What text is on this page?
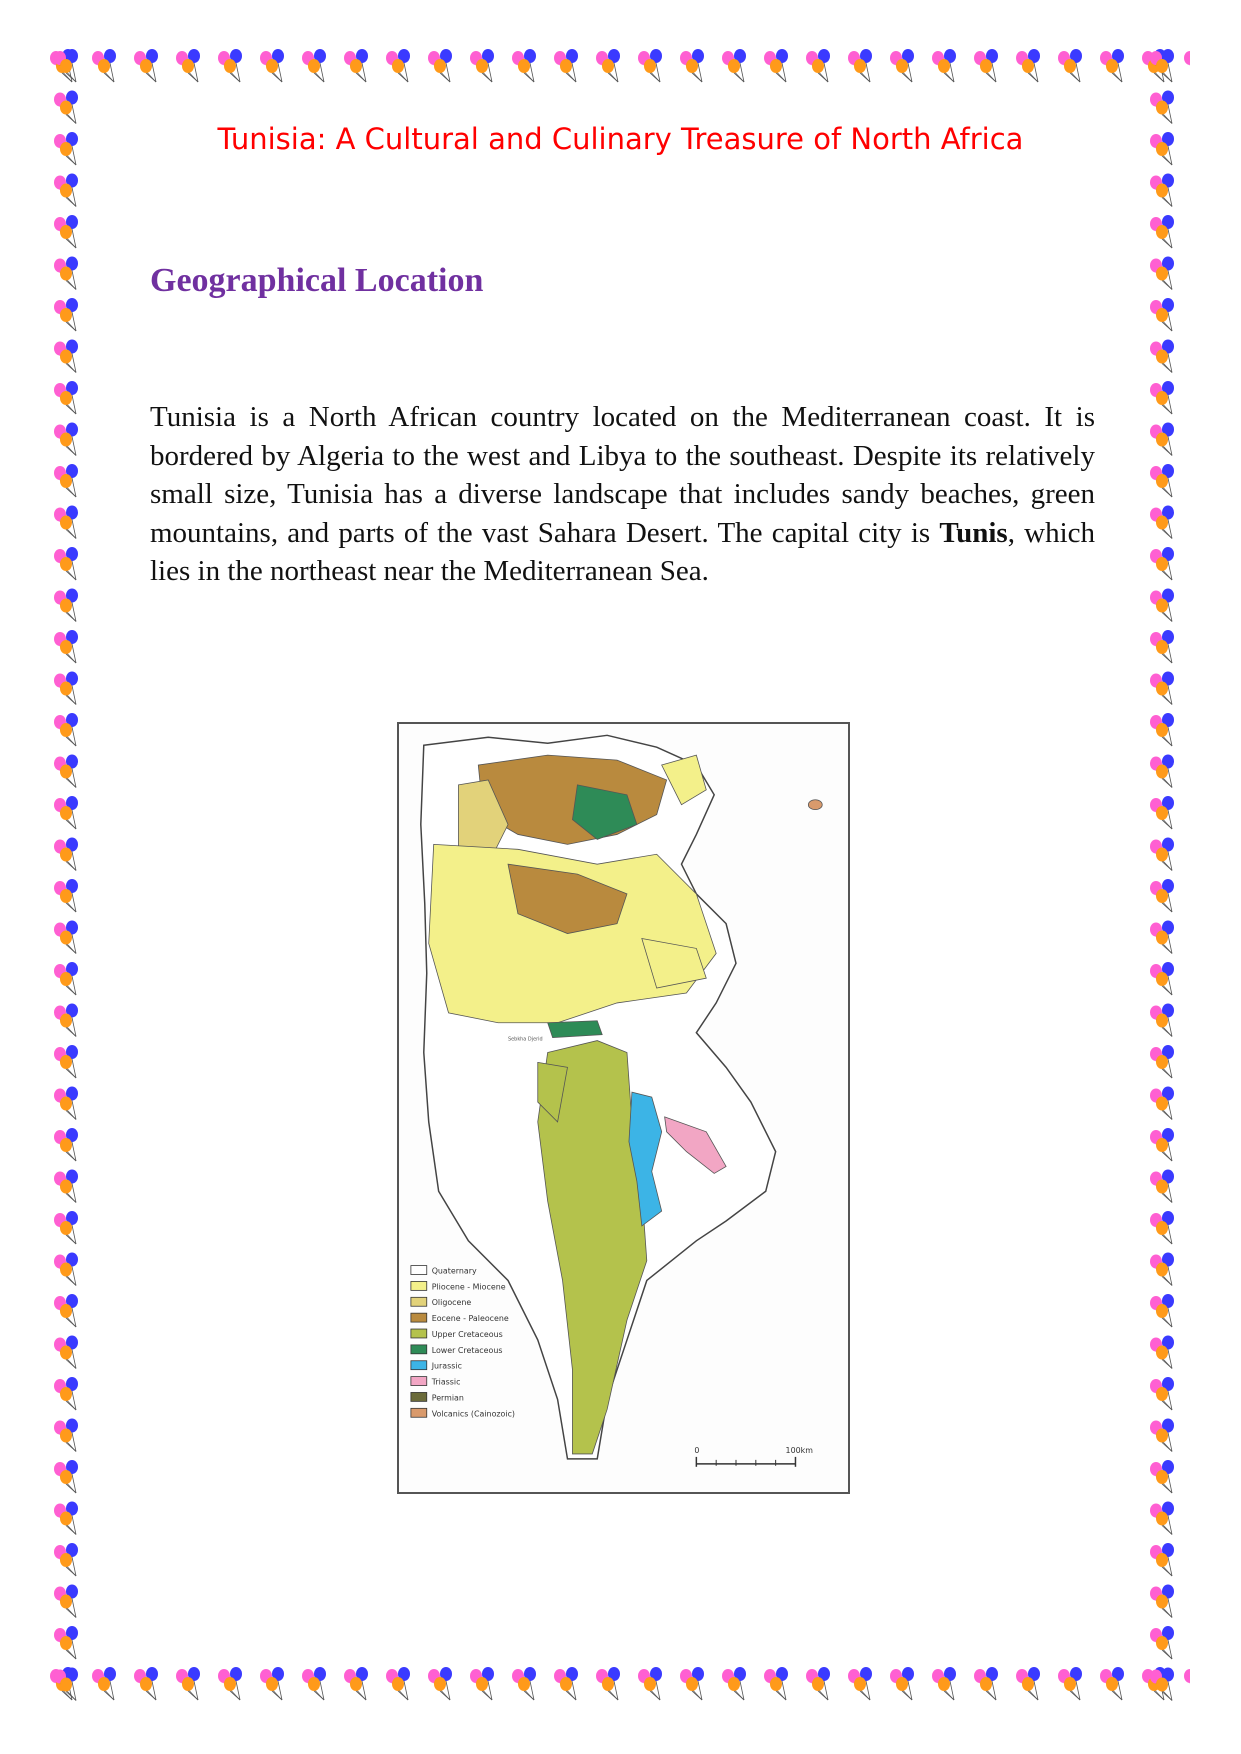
Tunisia: A Cultural and Culinary Treasure of North Africa
Geographical Location

Tunisia is a North African country located on the Mediterranean coast. It is bordered by Algeria to the west and Libya to the southeast. Despite its relatively small size, Tunisia has a diverse landscape that includes sandy beaches, green mountains, and parts of the vast Sahara Desert. The capital city is Tunis, which lies in the northeast near the Mediterranean Sea.

Sebkha Djerid
Quaternary
Pliocene - Miocene
Oligocene
Eocene - Paleocene
Upper Cretaceous
Lower Cretaceous
Jurassic
Triassic
Permian
Volcanics (Cainozoic)
0	100km
